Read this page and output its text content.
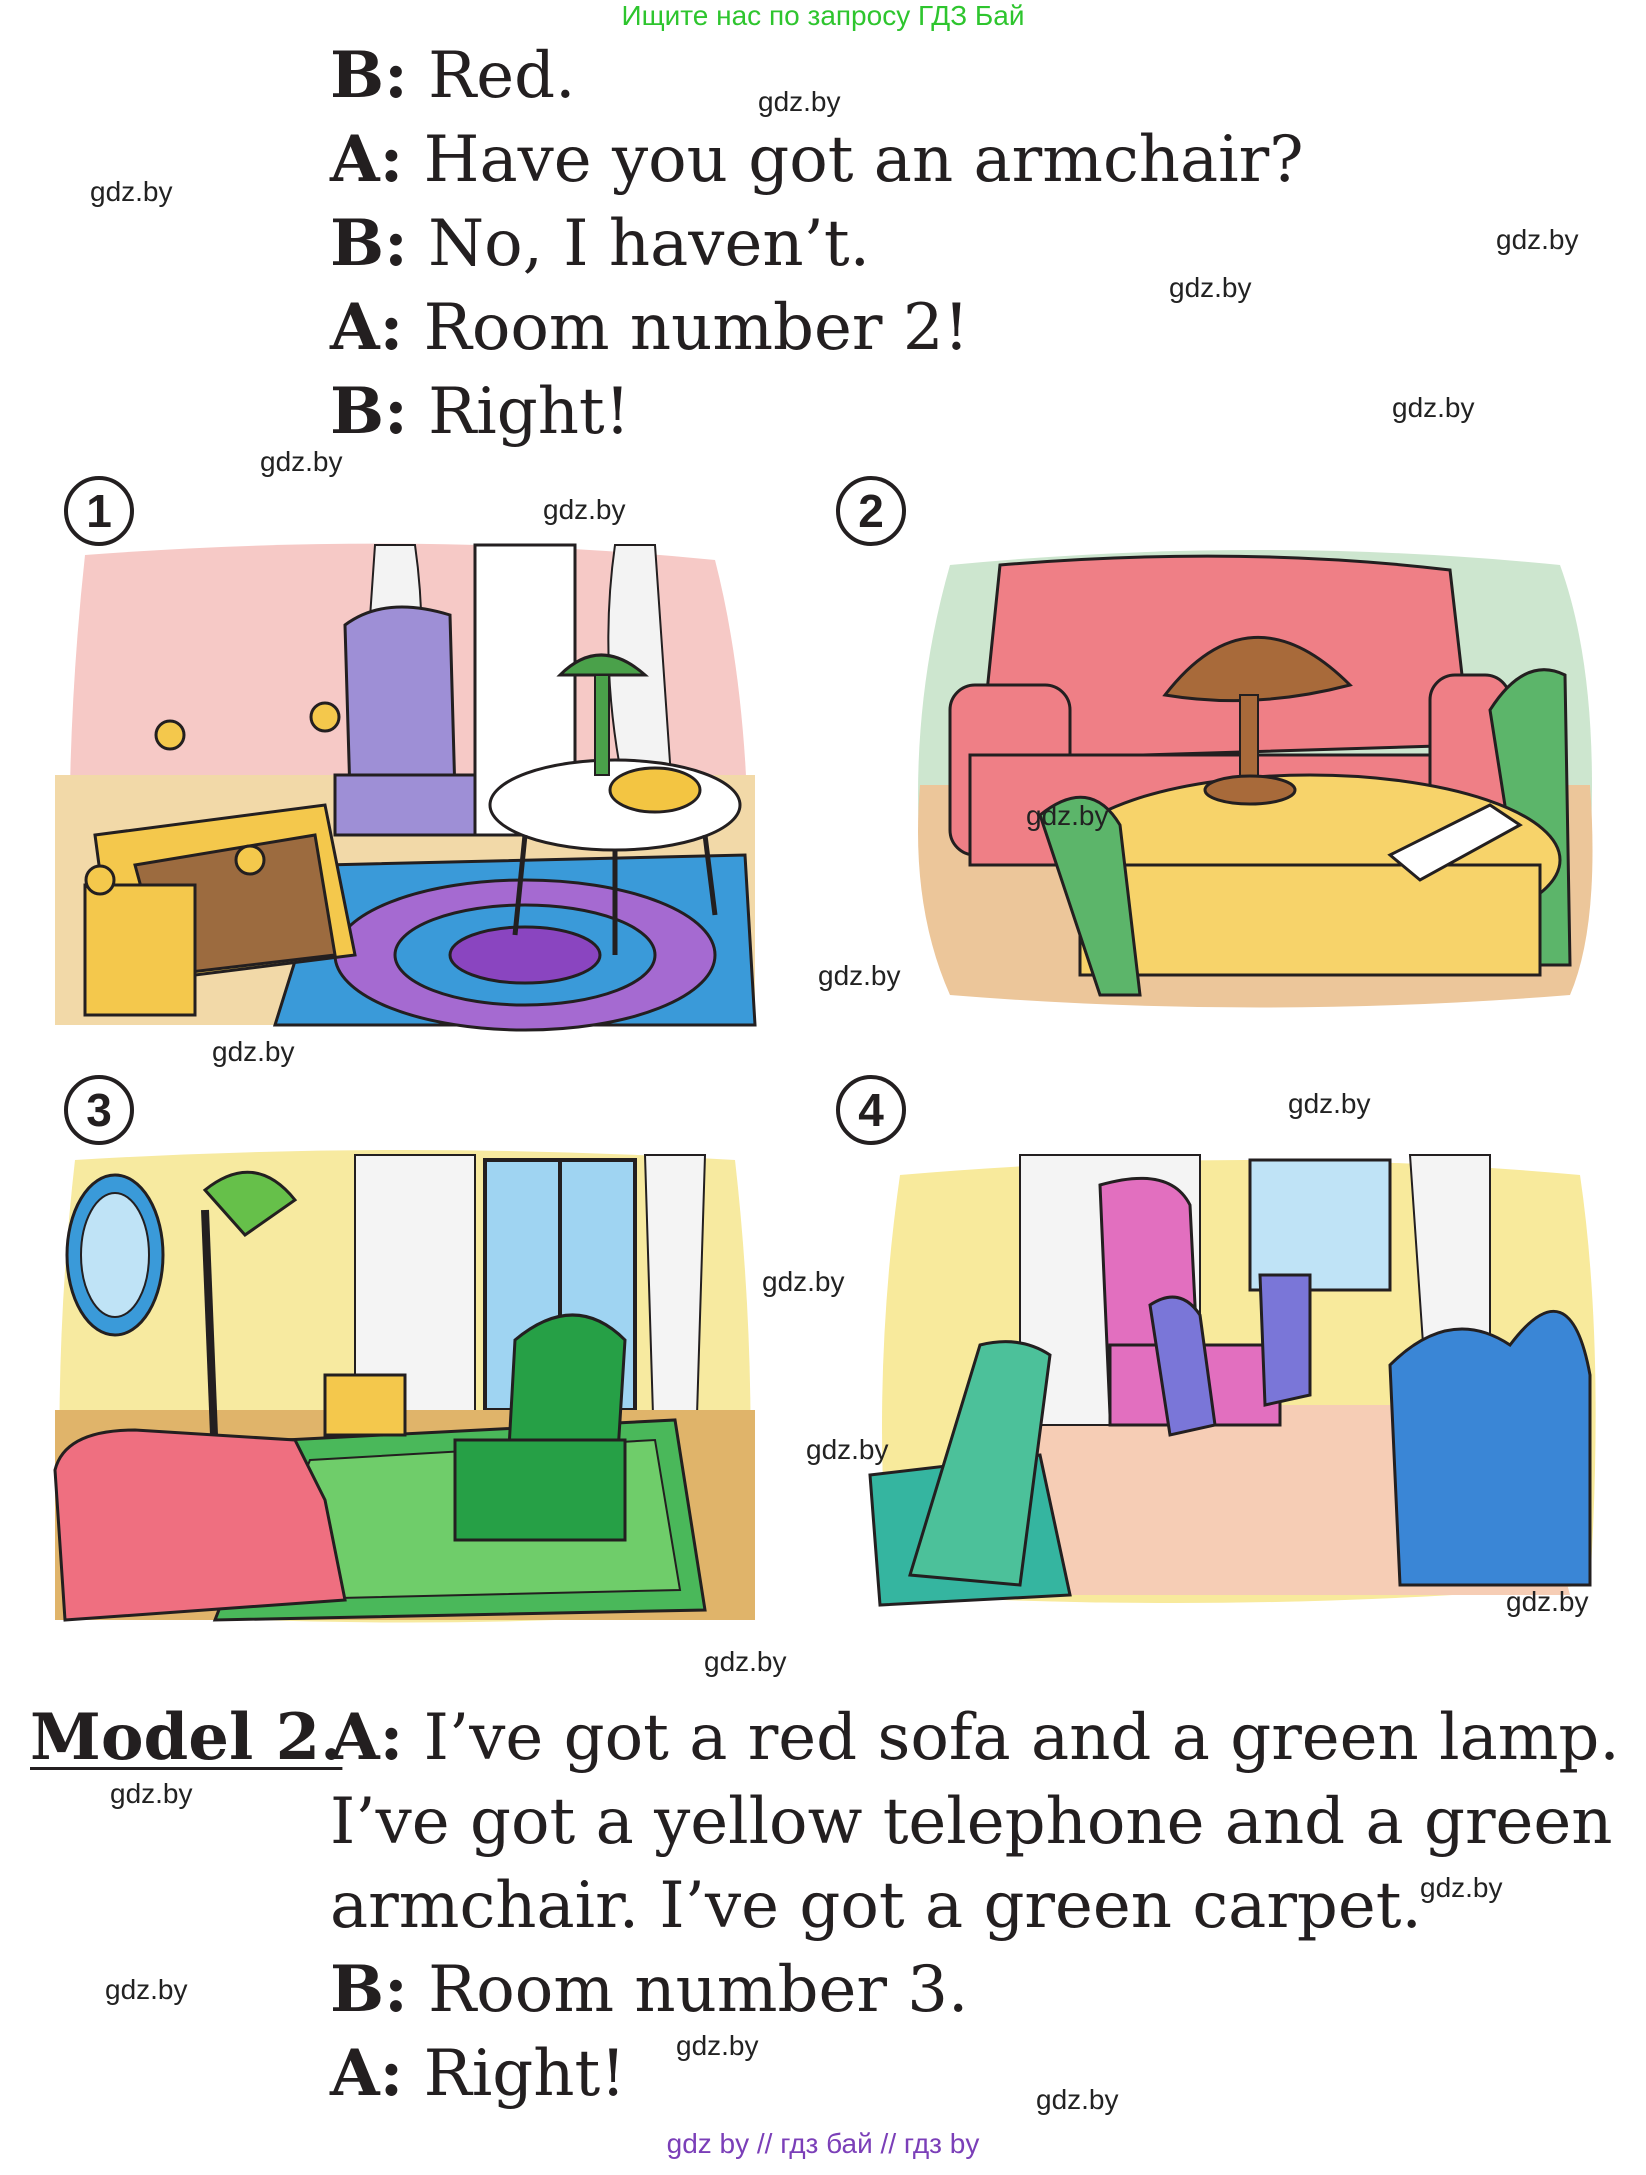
Ищите нас по запросу ГДЗ Бай
B: Red.
A: Have you got an armchair?
B: No, I haven’t.
A: Room number 2!
B: Right!
1	2
3	4
Model 2.
A: I’ve got a red sofa and a green lamp.
I’ve got a yellow telephone and a green
armchair. I’ve got a green carpet.
B: Room number 3.
A: Right!
gdz.by
gdz.by
gdz.by
gdz.by
gdz.by
gdz.by
gdz.by
gdz.by
gdz.by
gdz.by
gdz.by
gdz.by
gdz.by
gdz.by
gdz.by
gdz.by
gdz.by
gdz.by
gdz.by
gdz.by
gdz by // гдз бай // гдз by
